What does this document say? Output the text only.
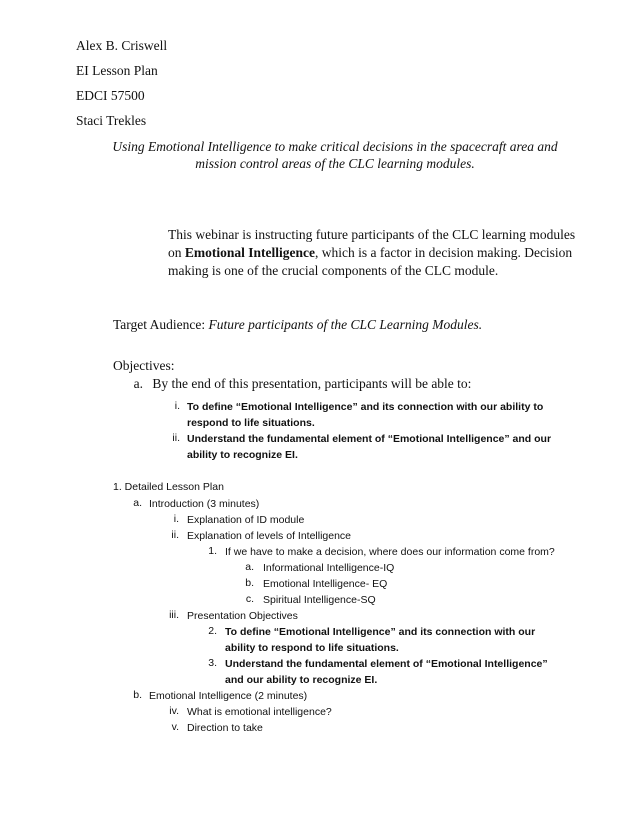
Alex B. Criswell
EI Lesson Plan
EDCI 57500
Staci Trekles
Using Emotional Intelligence to make critical decisions in the spacecraft area and mission control areas of the CLC learning modules.
This webinar is instructing future participants of the CLC learning modules on Emotional Intelligence, which is a factor in decision making. Decision making is one of the crucial components of the CLC module.
Target Audience: Future participants of the CLC Learning Modules.
Objectives:
a. By the end of this presentation, participants will be able to:
i. To define “Emotional Intelligence” and its connection with our ability to respond to life situations.
ii. Understand the fundamental element of “Emotional Intelligence” and our ability to recognize EI.
1. Detailed Lesson Plan
a. Introduction (3 minutes)
i. Explanation of ID module
ii. Explanation of levels of Intelligence
1. If we have to make a decision, where does our information come from?
a. Informational Intelligence-IQ
b. Emotional Intelligence- EQ
c. Spiritual Intelligence-SQ
iii. Presentation Objectives
2. To define “Emotional Intelligence” and its connection with our ability to respond to life situations.
3. Understand the fundamental element of “Emotional Intelligence” and our ability to recognize EI.
b. Emotional Intelligence (2 minutes)
iv. What is emotional intelligence?
v. Direction to take
